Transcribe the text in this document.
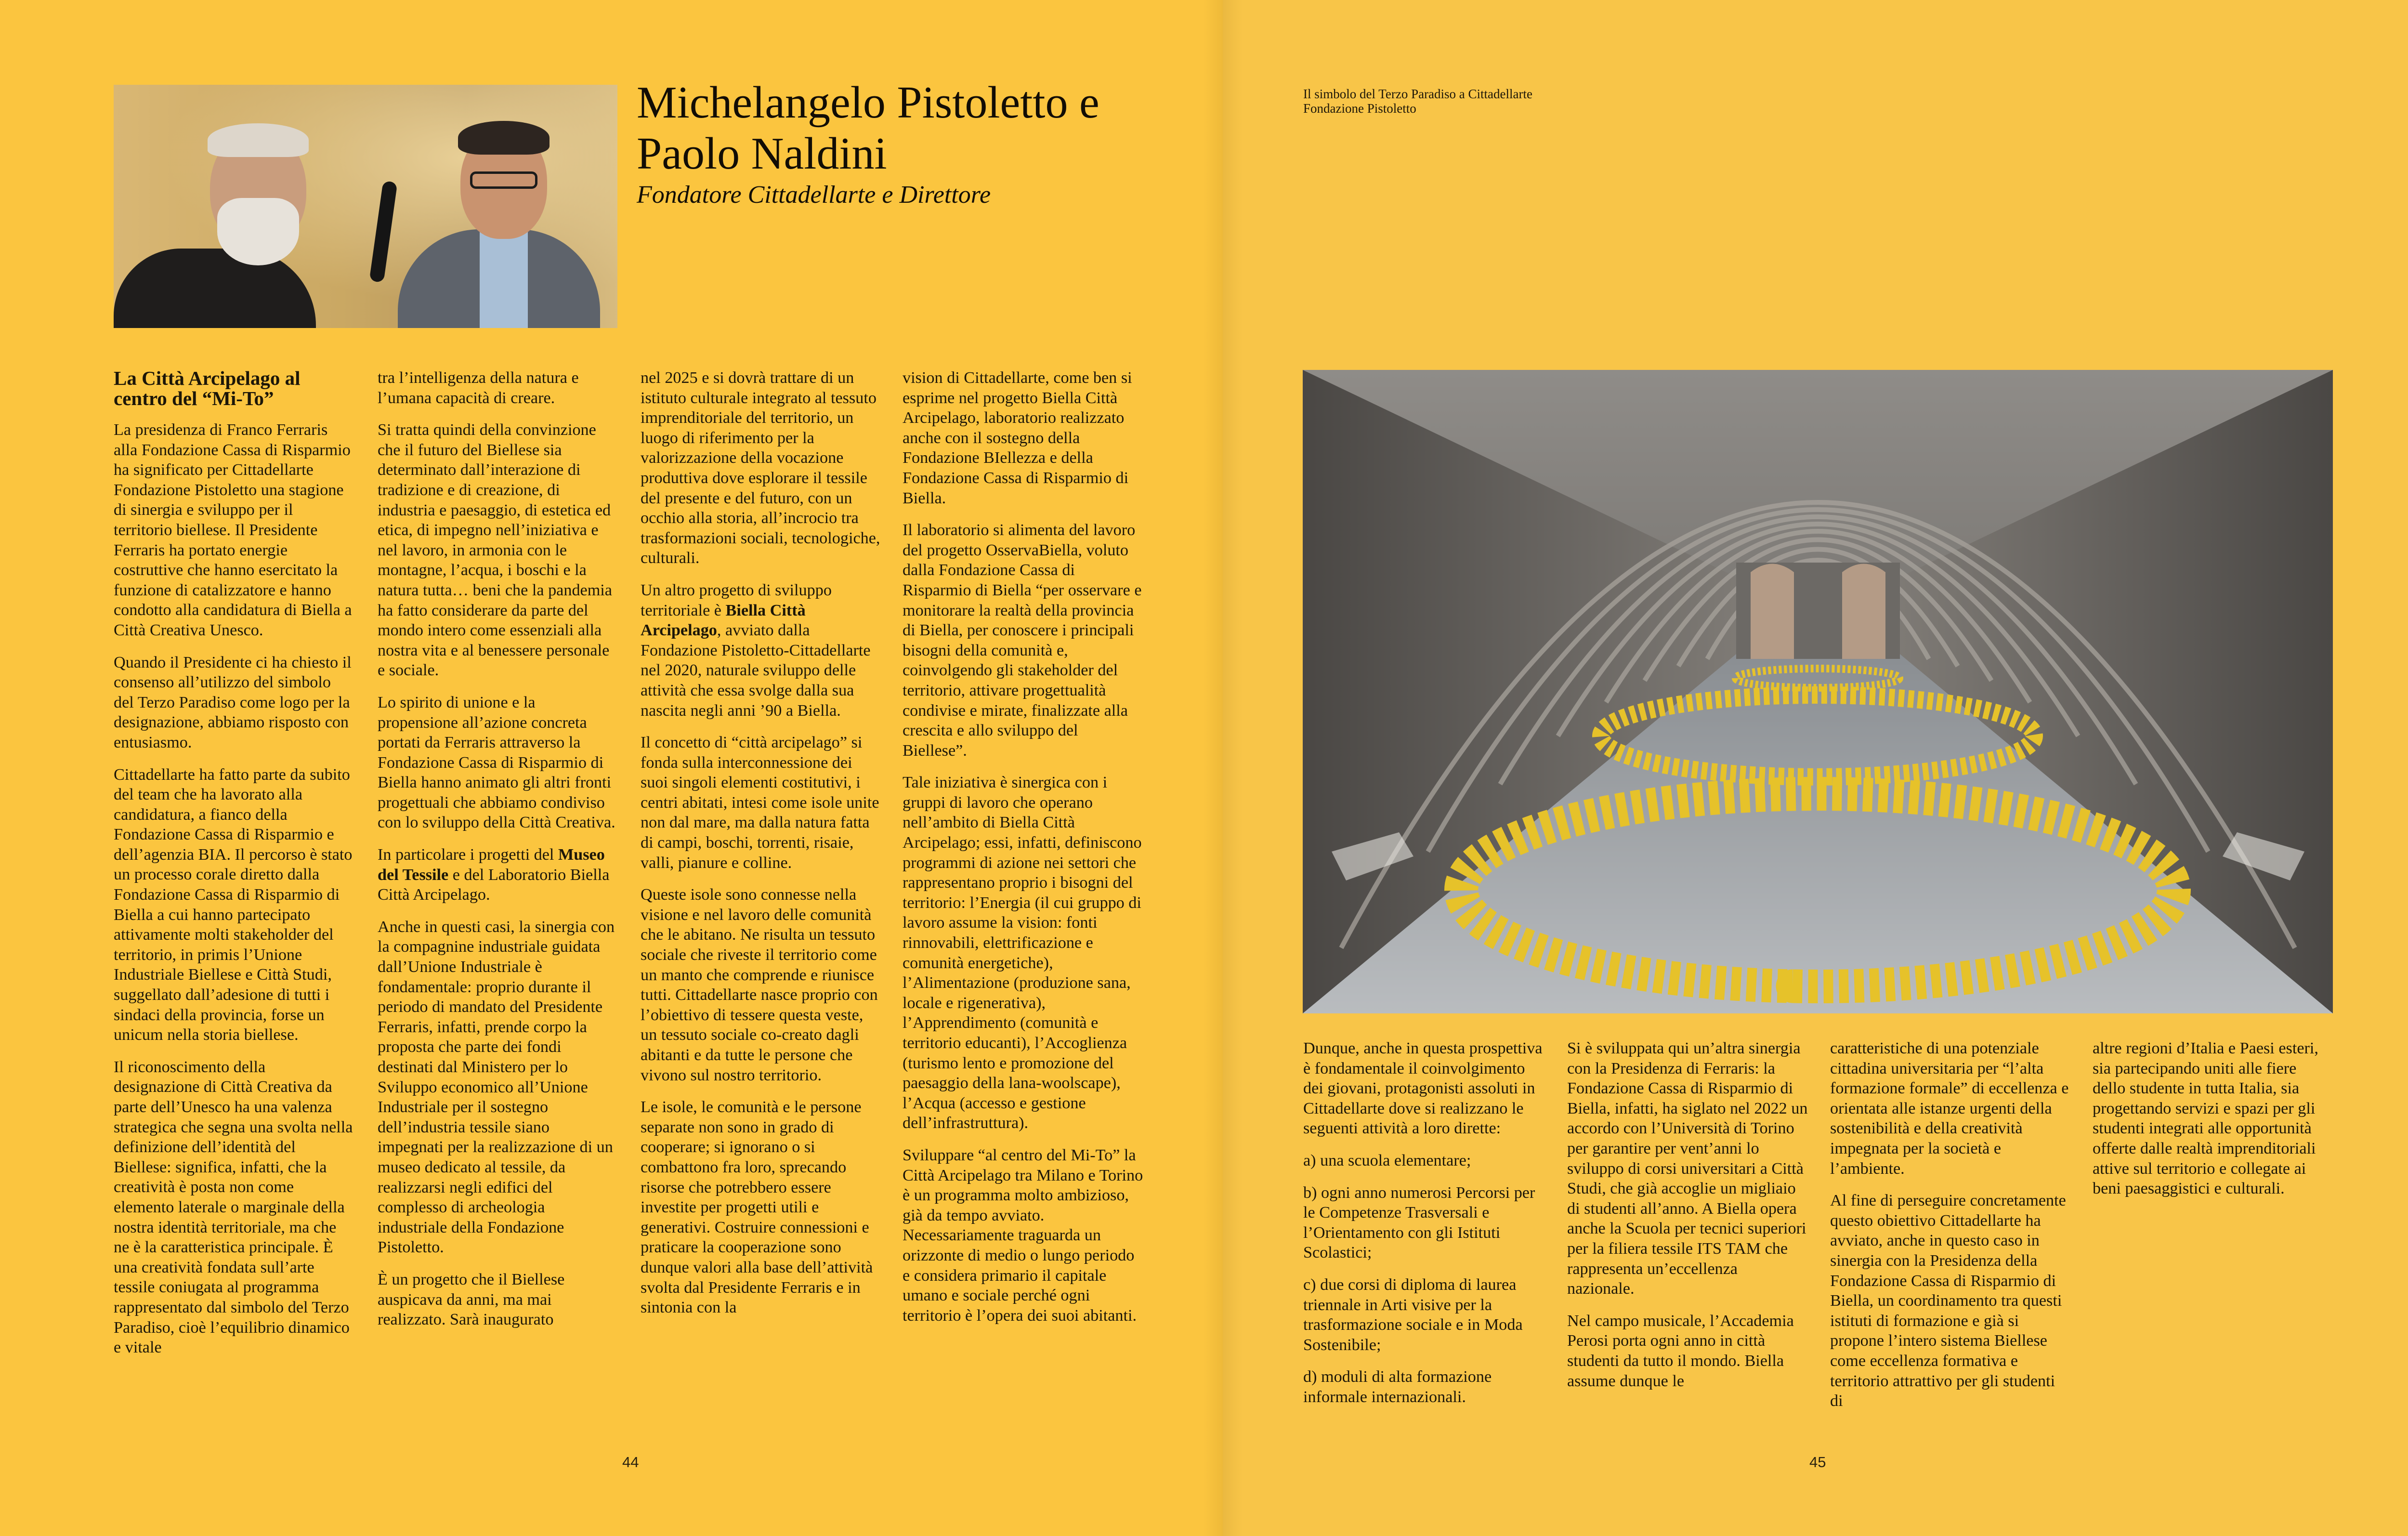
Michelangelo Pistoletto e
Paolo Naldini
Fondatore Cittadellarte e Direttore
La Città Arcipelago al centro del “Mi-To”

La presidenza di Franco Ferraris alla Fondazione Cassa di Risparmio ha significato per Cittadellarte Fondazione Pistoletto una stagione di sinergia e sviluppo per il territorio biellese. Il Presidente Ferraris ha portato energie costruttive che hanno esercitato la funzione di catalizzatore e hanno condotto alla candidatura di Biella a Città Creativa Unesco.

Quando il Presidente ci ha chiesto il consenso all’utilizzo del simbolo del Terzo Paradiso come logo per la designazione, abbiamo risposto con entusiasmo.

Cittadellarte ha fatto parte da subito del team che ha lavorato alla candidatura, a fianco della Fondazione Cassa di Risparmio e dell’agenzia BIA. Il percorso è stato un processo corale diretto dalla Fondazione Cassa di Risparmio di Biella a cui hanno partecipato attivamente molti stakeholder del territorio, in primis l’Unione Industriale Biellese e Città Studi, suggellato dall’adesione di tutti i sindaci della provincia, forse un unicum nella storia biellese.

Il riconoscimento della designazione di Città Creativa da parte dell’Unesco ha una valenza strategica che segna una svolta nella definizione dell’identità del Biellese: significa, infatti, che la creatività è posta non come elemento laterale o marginale della nostra identità territoriale, ma che ne è la caratteristica principale. È una creatività fondata sull’arte tessile coniugata al programma rappresentato dal simbolo del Terzo Paradiso, cioè l’equilibrio dinamico e vitale

tra l’intelligenza della natura e l’umana capacità di creare.

Si tratta quindi della convinzione che il futuro del Biellese sia determinato dall’interazione di tradizione e di creazione, di industria e paesaggio, di estetica ed etica, di impegno nell’iniziativa e nel lavoro, in armonia con le montagne, l’acqua, i boschi e la natura tutta… beni che la pandemia ha fatto considerare da parte del mondo intero come essenziali alla nostra vita e al benessere personale e sociale.

Lo spirito di unione e la propensione all’azione concreta portati da Ferraris attraverso la Fondazione Cassa di Risparmio di Biella hanno animato gli altri fronti progettuali che abbiamo condiviso con lo sviluppo della Città Creativa.

In particolare i progetti del Museo del Tessile e del Laboratorio Biella Città Arcipelago.

Anche in questi casi, la sinergia con la compagnine industriale guidata dall’Unione Industriale è fondamentale: proprio durante il periodo di mandato del Presidente Ferraris, infatti, prende corpo la proposta che parte dei fondi destinati dal Ministero per lo Sviluppo economico all’Unione Industriale per il sostegno dell’industria tessile siano impegnati per la realizzazione di un museo dedicato al tessile, da realizzarsi negli edifici del complesso di archeologia industriale della Fondazione Pistoletto.

È un progetto che il Biellese auspicava da anni, ma mai realizzato. Sarà inaugurato

nel 2025 e si dovrà trattare di un istituto culturale integrato al tessuto imprenditoriale del territorio, un luogo di riferimento per la valorizzazione della vocazione produttiva dove esplorare il tessile del presente e del futuro, con un occhio alla storia, all’incrocio tra trasformazioni sociali, tecnologiche, culturali.

Un altro progetto di sviluppo territoriale è Biella Città Arcipelago, avviato dalla Fondazione Pistoletto-Cittadellarte nel 2020, naturale sviluppo delle attività che essa svolge dalla sua nascita negli anni ’90 a Biella.

Il concetto di “città arcipelago” si fonda sulla interconnessione dei suoi singoli elementi costitutivi, i centri abitati, intesi come isole unite non dal mare, ma dalla natura fatta di campi, boschi, torrenti, risaie, valli, pianure e colline.

Queste isole sono connesse nella visione e nel lavoro delle comunità che le abitano. Ne risulta un tessuto sociale che riveste il territorio come un manto che comprende e riunisce tutti. Cittadellarte nasce proprio con l’obiettivo di tessere questa veste, un tessuto sociale co-creato dagli abitanti e da tutte le persone che vivono sul nostro territorio.

Le isole, le comunità e le persone separate non sono in grado di cooperare; si ignorano o si combattono fra loro, sprecando risorse che potrebbero essere investite per progetti utili e generativi. Costruire connessioni e praticare la cooperazione sono dunque valori alla base dell’attività svolta dal Presidente Ferraris e in sintonia con la

vision di Cittadellarte, come ben si esprime nel progetto Biella Città Arcipelago, laboratorio realizzato anche con il sostegno della Fondazione BIellezza e della Fondazione Cassa di Risparmio di Biella.

Il laboratorio si alimenta del lavoro del progetto OsservaBiella, voluto dalla Fondazione Cassa di Risparmio di Biella “per osservare e monitorare la realtà della provincia di Biella, per conoscere i principali bisogni della comunità e, coinvolgendo gli stakeholder del territorio, attivare progettualità condivise e mirate, finalizzate alla crescita e allo sviluppo del Biellese”.

Tale iniziativa è sinergica con i gruppi di lavoro che operano nell’ambito di Biella Città Arcipelago; essi, infatti, definiscono programmi di azione nei settori che rappresentano proprio i bisogni del territorio: l’Energia (il cui gruppo di lavoro assume la vision: fonti rinnovabili, elettrificazione e comunità energetiche), l’Alimentazione (produzione sana, locale e rigenerativa), l’Apprendimento (comunità e territorio educanti), l’Accoglienza (turismo lento e promozione del paesaggio della lana-woolscape), l’Acqua (accesso e gestione dell’infrastruttura).

Sviluppare “al centro del Mi-To” la Città Arcipelago tra Milano e Torino è un programma molto ambizioso, già da tempo avviato. Necessariamente traguarda un orizzonte di medio o lungo periodo e considera primario il capitale umano e sociale perché ogni territorio è l’opera dei suoi abitanti.

44
Il simbolo del Terzo Paradiso a Cittadellarte
Fondazione Pistoletto

Dunque, anche in questa prospettiva è fondamentale il coinvolgimento dei giovani, protagonisti assoluti in Cittadellarte dove si realizzano le seguenti attività a loro dirette:

a) una scuola elementare;

b) ogni anno numerosi Percorsi per le Competenze Trasversali e l’Orientamento con gli Istituti Scolastici;

c) due corsi di diploma di laurea triennale in Arti visive per la trasformazione sociale e in Moda Sostenibile;

d) moduli di alta formazione informale internazionali.

Si è sviluppata qui un’altra sinergia con la Presidenza di Ferraris: la Fondazione Cassa di Risparmio di Biella, infatti, ha siglato nel 2022 un accordo con l’Università di Torino per garantire per vent’anni lo sviluppo di corsi universitari a Città Studi, che già accoglie un migliaio di studenti all’anno. A Biella opera anche la Scuola per tecnici superiori per la filiera tessile ITS TAM che rappresenta un’eccellenza nazionale.

Nel campo musicale, l’Accademia Perosi porta ogni anno in città studenti da tutto il mondo. Biella assume dunque le

caratteristiche di una potenziale cittadina universitaria per “l’alta formazione formale” di eccellenza e orientata alle istanze urgenti della sostenibilità e della creatività impegnata per la società e l’ambiente.

Al fine di perseguire concretamente questo obiettivo Cittadellarte ha avviato, anche in questo caso in sinergia con la Presidenza della Fondazione Cassa di Risparmio di Biella, un coordinamento tra questi istituti di formazione e già si propone l’intero sistema Biellese come eccellenza formativa e territorio attrattivo per gli studenti di

altre regioni d’Italia e Paesi esteri, sia partecipando uniti alle fiere dello studente in tutta Italia, sia progettando servizi e spazi per gli studenti integrati alle opportunità offerte dalle realtà imprenditoriali attive sul territorio e collegate ai beni paesaggistici e culturali.

45
